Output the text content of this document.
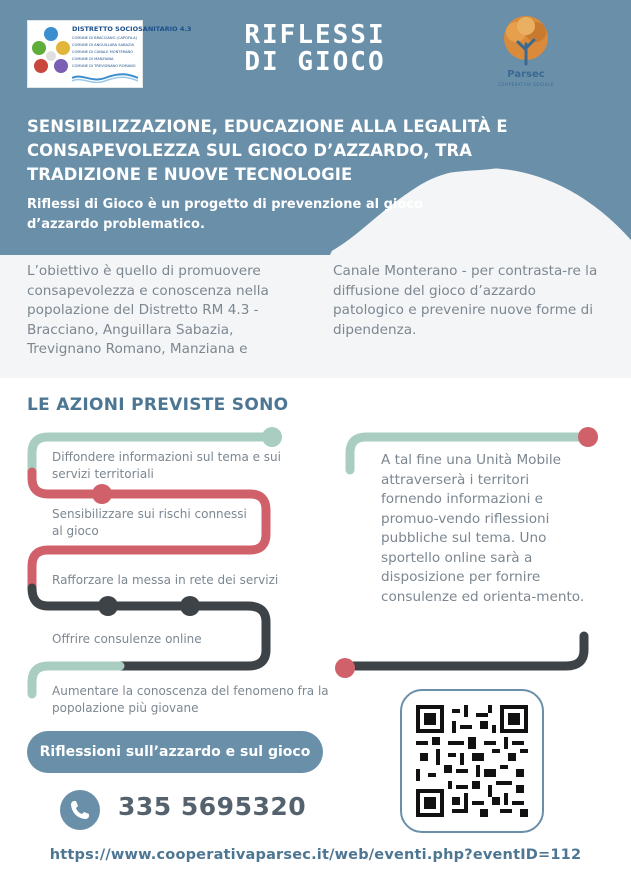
DISTRETTO SOCIOSANITARIO 4.3
COMUNE DI BRACCIANO (CAPOFILA)
COMUNE DI ANGUILLARA SABAZIA
COMUNE DI CANALE MONTERANO
COMUNE DI MANZIANA
COMUNE DI TREVIGNANO ROMANO
RIFLESSI
DI GIOCO	Parsec
COOPERATIVA SOCIALE
SENSIBILIZZAZIONE, EDUCAZIONE ALLA LEGALITÀ E CONSAPEVOLEZZA SUL GIOCO D’AZZARDO, TRA TRADIZIONE E NUOVE TECNOLOGIE
Riflessi di Gioco è un progetto di prevenzione al gioco d’azzardo problematico.
L’obiettivo è quello di promuovere consapevolezza e conoscenza nella popolazione del Distretto RM 4.3 - Bracciano, Anguillara Sabazia, Trevignano Romano, Manziana e
Canale Monterano - per contrasta-re la diffusione del gioco d’azzardo patologico e prevenire nuove forme di dipendenza.
LE AZIONI PREVISTE SONO
Diffondere informazioni sul tema e sui servizi territoriali
Sensibilizzare sui rischi connessi al gioco
Rafforzare la messa in rete dei servizi
Offrire consulenze online
Aumentare la conoscenza del fenomeno fra la popolazione più giovane
A tal fine una Unità Mobile attraverserà i territori fornendo informazioni e promuo-vendo riflessioni pubbliche sul tema. Uno sportello online sarà a disposizione per fornire consulenze ed orienta-mento.
Riflessioni sull’azzardo e sul gioco
335 5695320
https://www.cooperativaparsec.it/web/eventi.php?eventID=112
